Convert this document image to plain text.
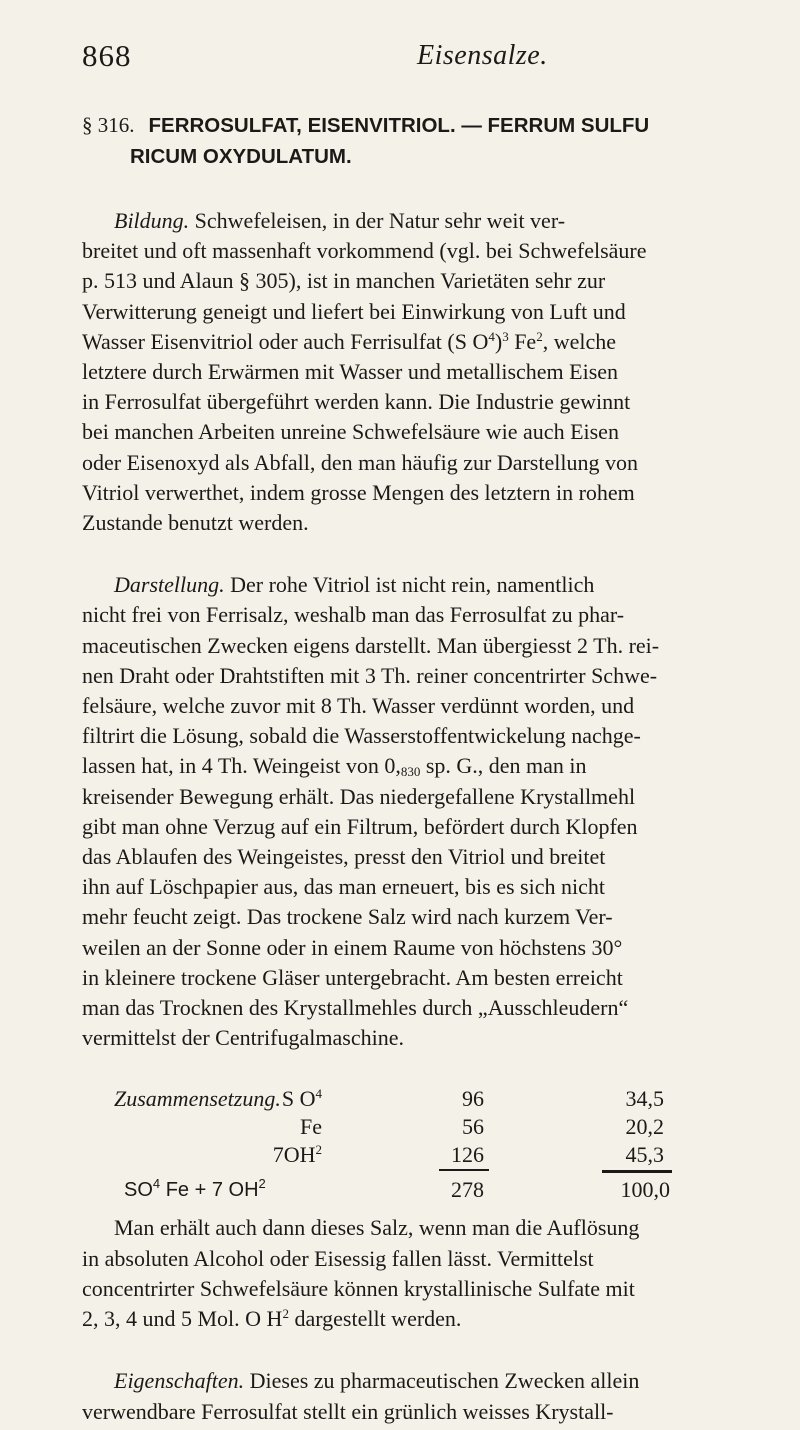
868	Eisensalze.
§ 316. FERROSULFAT, EISENVITRIOL. — FERRUM SULFU
RICUM OXYDULATUM.

Bildung. Schwefeleisen, in der Natur sehr weit ver-
breitet und oft massenhaft vorkommend (vgl. bei Schwefelsäure
p. 513 und Alaun § 305), ist in manchen Varietäten sehr zur
Verwitterung geneigt und liefert bei Einwirkung von Luft und
Wasser Eisenvitriol oder auch Ferrisulfat (S $O^4)^3$ Fe$^2$, welche
letztere durch Erwärmen mit Wasser und metallischem Eisen
in Ferrosulfat übergeführt werden kann. Die Industrie gewinnt
bei manchen Arbeiten unreine Schwefelsäure wie auch Eisen
oder Eisenoxyd als Abfall, den man häufig zur Darstellung von
Vitriol verwerthet, indem grosse Mengen des letztern in rohem
Zustande benutzt werden.

Darstellung. Der rohe Vitriol ist nicht rein, namentlich
nicht frei von Ferrisalz, weshalb man das Ferrosulfat zu phar-
maceutischen Zwecken eigens darstellt. Man übergiesst 2 Th. rei-
nen Draht oder Drahtstiften mit 3 Th. reiner concentrirter Schwe-
felsäure, welche zuvor mit 8 Th. Wasser verdünnt worden, und
filtrirt die Lösung, sobald die Wasserstoffentwickelung nachge-
lassen hat, in 4 Th. Weingeist von $0,_{830}$ sp. G., den man in
kreisender Bewegung erhält. Das niedergefallene Krystallmehl
gibt man ohne Verzug auf ein Filtrum, befördert durch Klopfen
das Ablaufen des Weingeistes, presst den Vitriol und breitet
ihn auf Löschpapier aus, das man erneuert, bis es sich nicht
mehr feucht zeigt. Das trockene Salz wird nach kurzem Ver-
weilen an der Sonne oder in einem Raume von höchstens 30°
in kleinere trockene Gläser untergebracht. Am besten erreicht
man das Trocknen des Krystallmehles durch „Ausschleudern“
vermittelst der Centrifugalmaschine.

Zusammensetzung. S $O^4$	96	34,5
Fe	56	20,2
$7OH^2$	126	45,3
$SO^4$ Fe + 7 $OH^2$	278	100,0

Man erhält auch dann dieses Salz, wenn man die Auflösung
in absoluten Alcohol oder Eisessig fallen lässt. Vermittelst
concentrirter Schwefelsäure können krystallinische Sulfate mit
2, 3, 4 und 5 Mol. O $H^2$ dargestellt werden.

Eigenschaften. Dieses zu pharmaceutischen Zwecken allein
verwendbare Ferrosulfat stellt ein grünlich weisses Krystall-
